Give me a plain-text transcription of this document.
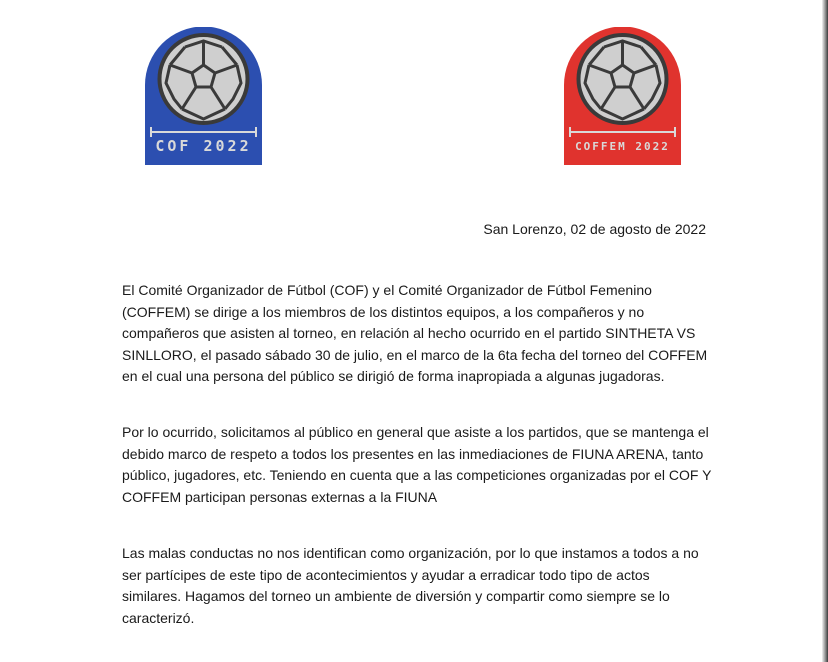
COF 2022	COFFEM 2022
San Lorenzo, 02 de agosto de 2022

El Comité Organizador de Fútbol (COF) y el Comité Organizador de Fútbol Femenino (COFFEM) se dirige a los miembros de los distintos equipos, a los compañeros y no compañeros que asisten al torneo, en relación al hecho ocurrido en el partido SINTHETA VS SINLLORO, el pasado sábado 30 de julio, en el marco de la 6ta fecha del torneo del COFFEM en el cual una persona del público se dirigió de forma inapropiada a algunas jugadoras.

Por lo ocurrido, solicitamos al público en general que asiste a los partidos, que se mantenga el debido marco de respeto a todos los presentes en las inmediaciones de FIUNA ARENA, tanto público, jugadores, etc. Teniendo en cuenta que a las competiciones organizadas por el COF Y COFFEM participan personas externas a la FIUNA

Las malas conductas no nos identifican como organización, por lo que instamos a todos a no ser partícipes de este tipo de acontecimientos y ayudar a erradicar todo tipo de actos similares. Hagamos del torneo un ambiente de diversión y compartir como siempre se lo caracterizó.
